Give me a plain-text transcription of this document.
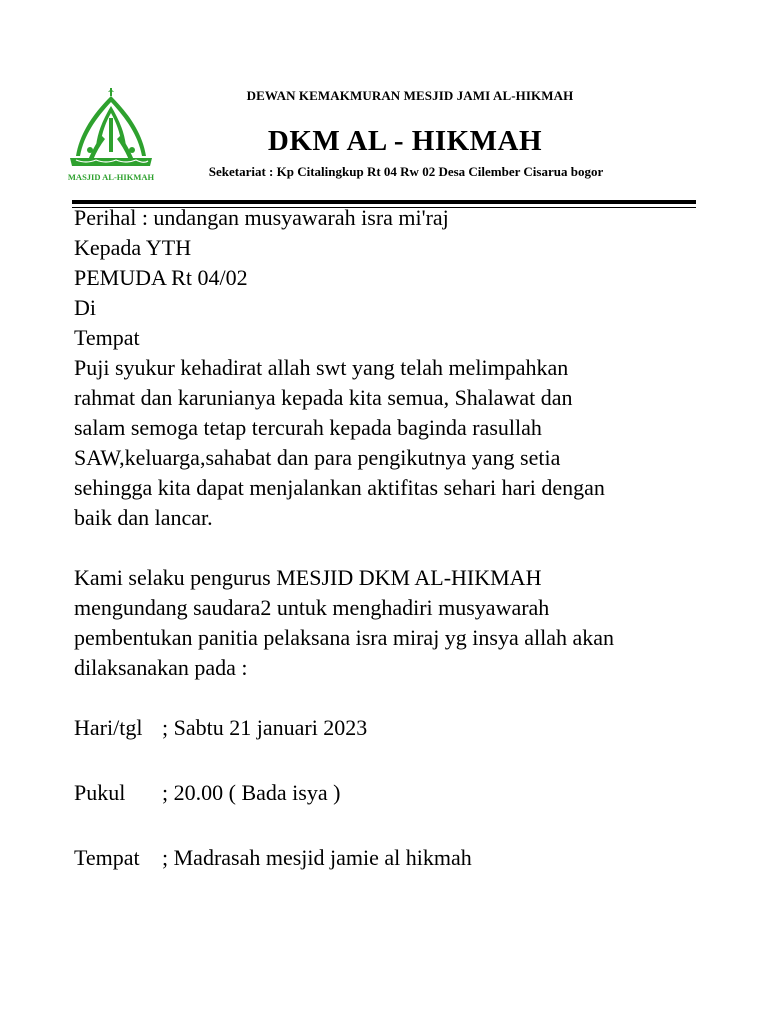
MASJID AL-HIKMAH
DEWAN KEMAKMURAN MESJID JAMI AL-HIKMAH
DKM AL - HIKMAH
Seketariat : Kp Citalingkup Rt 04 Rw 02 Desa Cilember Cisarua bogor

Perihal : undangan musyawarah isra mi'raj

Kepada YTH

PEMUDA Rt 04/02

Di

Tempat

Puji syukur kehadirat allah swt yang telah melimpahkan

rahmat dan karunianya kepada kita semua, Shalawat dan

salam semoga tetap tercurah kepada baginda rasullah

SAW,keluarga,sahabat dan para pengikutnya yang setia

sehingga kita dapat menjalankan aktifitas sehari hari dengan

baik dan lancar.

Kami selaku pengurus MESJID DKM AL-HIKMAH

mengundang saudara2 untuk menghadiri musyawarah

pembentukan panitia pelaksana isra miraj yg insya allah akan

dilaksanakan pada :

Hari/tgl ; Sabtu 21 januari 2023
Pukul	; 20.00 ( Bada isya )
Tempat	; Madrasah mesjid jamie al hikmah
